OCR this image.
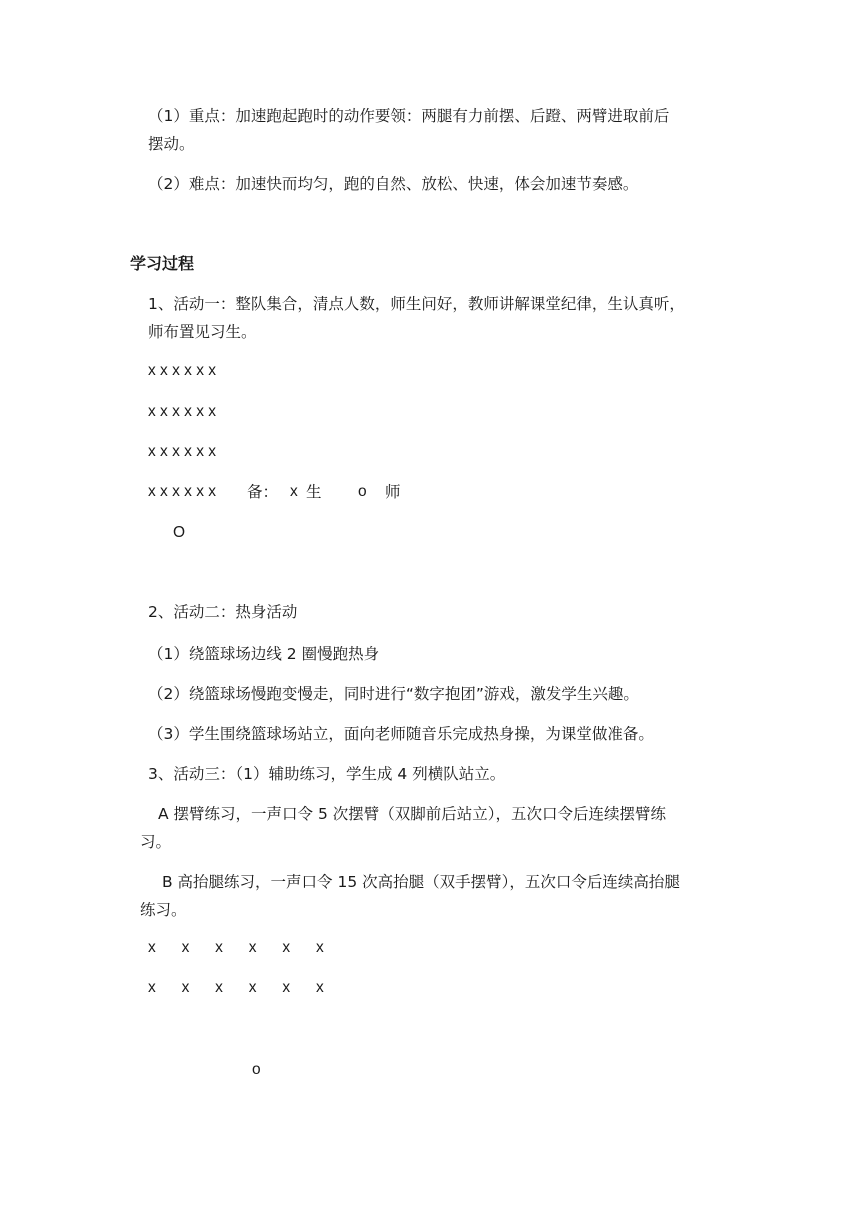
（1）重点：加速跑起跑时的动作要领：两腿有力前摆、后蹬、两臂进取前后
摆动。
（2）难点：加速快而均匀，跑的自然、放松、快速，体会加速节奏感。
学习过程
1、活动一：整队集合，清点人数，师生问好，教师讲解课堂纪律，生认真听，
师布置见习生。
x x x x x x
x x x x x x
x x x x x x
x x x x x x 备： x 生 o 师
O
2、活动二：热身活动
（1）绕篮球场边线 2 圈慢跑热身
（2）绕篮球场慢跑变慢走，同时进行“数字抱团”游戏，激发学生兴趣。
（3）学生围绕篮球场站立，面向老师随音乐完成热身操，为课堂做准备。
3、活动三：（1）辅助练习，学生成 4 列横队站立。
A 摆臂练习，一声口令 5 次摆臂（双脚前后站立），五次口令后连续摆臂练
习。
B 高抬腿练习，一声口令 15 次高抬腿（双手摆臂），五次口令后连续高抬腿
练习。
x      x      x      x      x      x
x      x      x      x      x      x
o
